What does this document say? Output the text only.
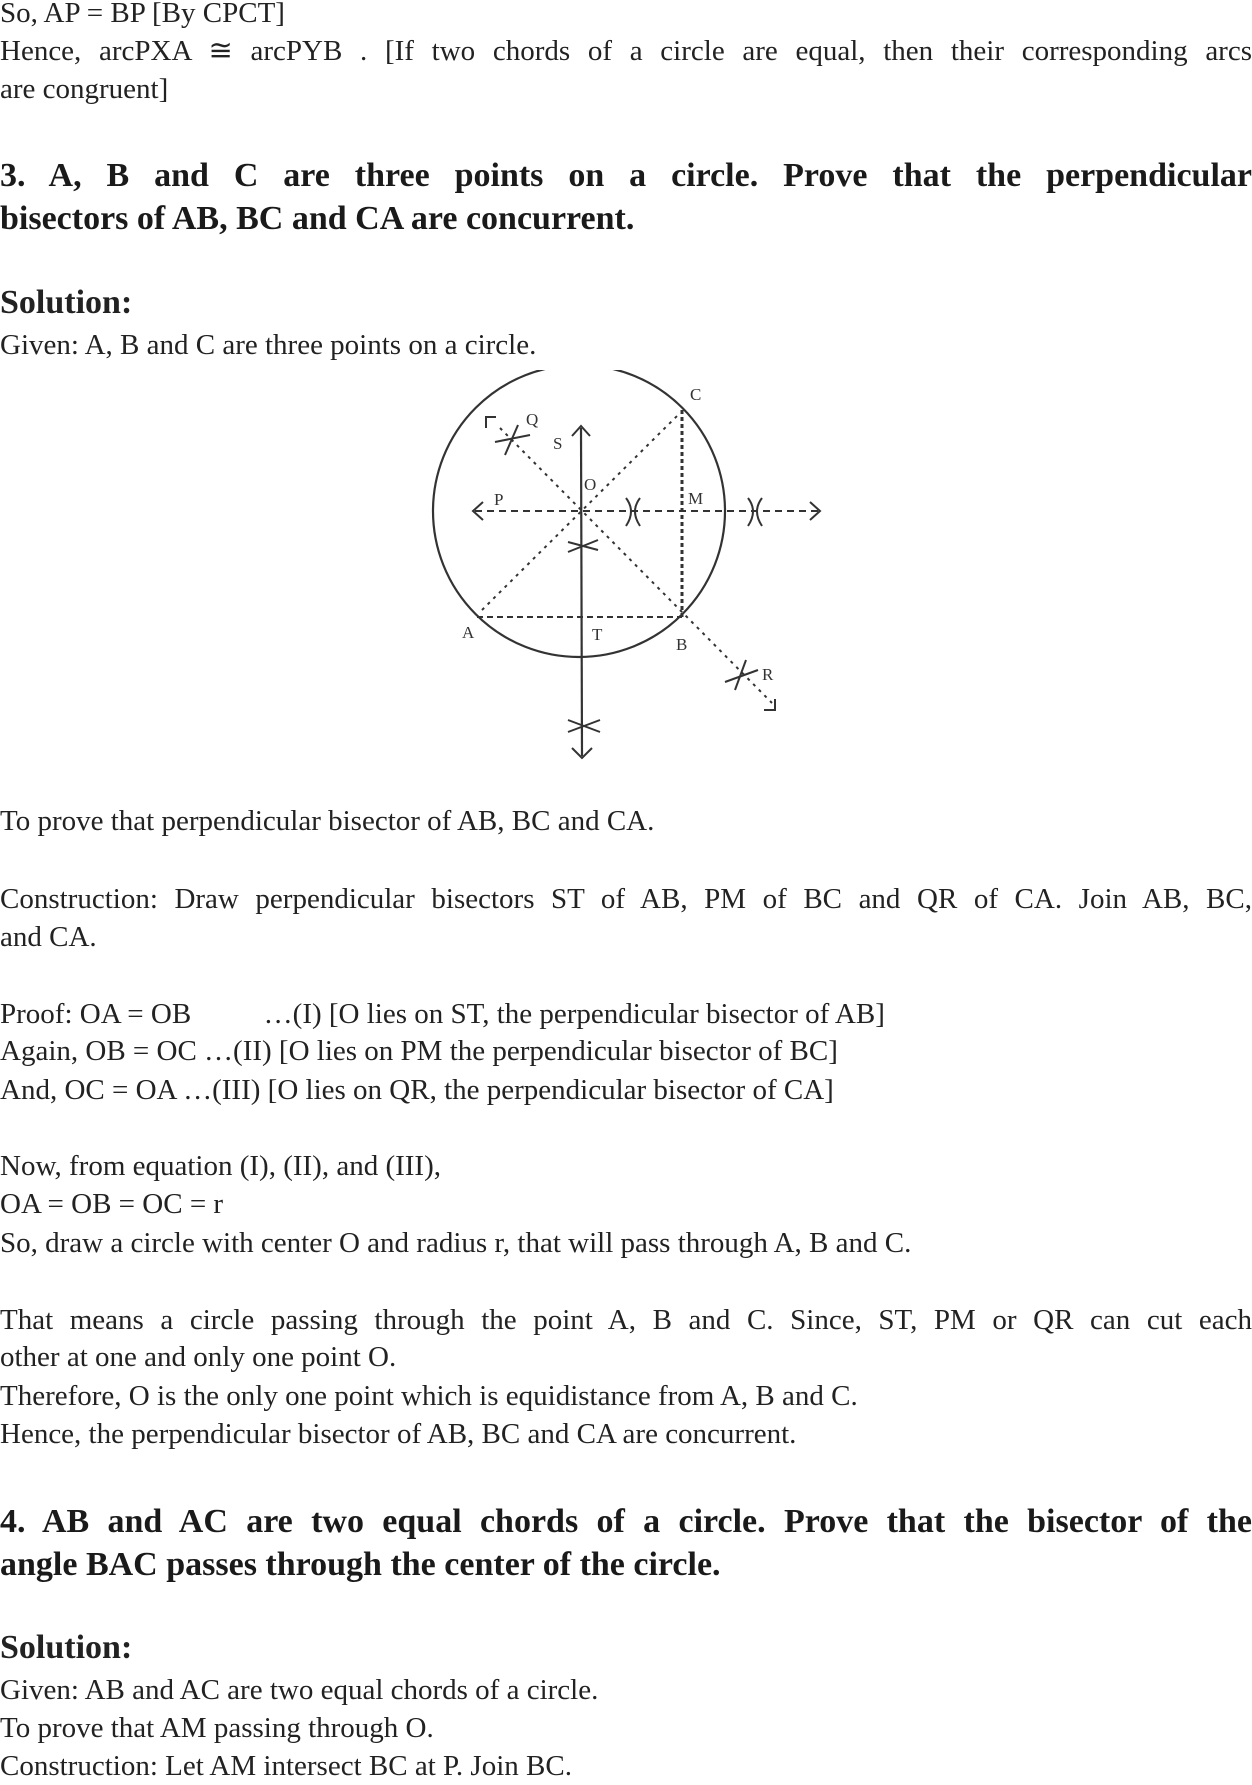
So, AP = BP [By CPCT]
Hence, arcPXA ≅ arcPYB . [If two chords of a circle are equal, then their corresponding arcs
are congruent]
3. A, B and C are three points on a circle. Prove that the perpendicular
bisectors of AB, BC and CA are concurrent.
Solution:
Given: A, B and C are three points on a circle.
C
Q
S
O
P	M
A	T
B
R
To prove that perpendicular bisector of AB, BC and CA.
Construction: Draw perpendicular bisectors ST of AB, PM of BC and QR of CA. Join AB, BC,
and CA.
Proof: OA = OB          …(I) [O lies on ST, the perpendicular bisector of AB]
Again, OB = OC …(II) [O lies on PM the perpendicular bisector of BC]
And, OC = OA …(III) [O lies on QR, the perpendicular bisector of CA]
Now, from equation (I), (II), and (III),
OA = OB = OC = r
So, draw a circle with center O and radius r, that will pass through A, B and C.
That means a circle passing through the point A, B and C. Since, ST, PM or QR can cut each
other at one and only one point O.
Therefore, O is the only one point which is equidistance from A, B and C.
Hence, the perpendicular bisector of AB, BC and CA are concurrent.
4. AB and AC are two equal chords of a circle. Prove that the bisector of the
angle BAC passes through the center of the circle.
Solution:
Given: AB and AC are two equal chords of a circle.
To prove that AM passing through O.
Construction: Let AM intersect BC at P. Join BC.
